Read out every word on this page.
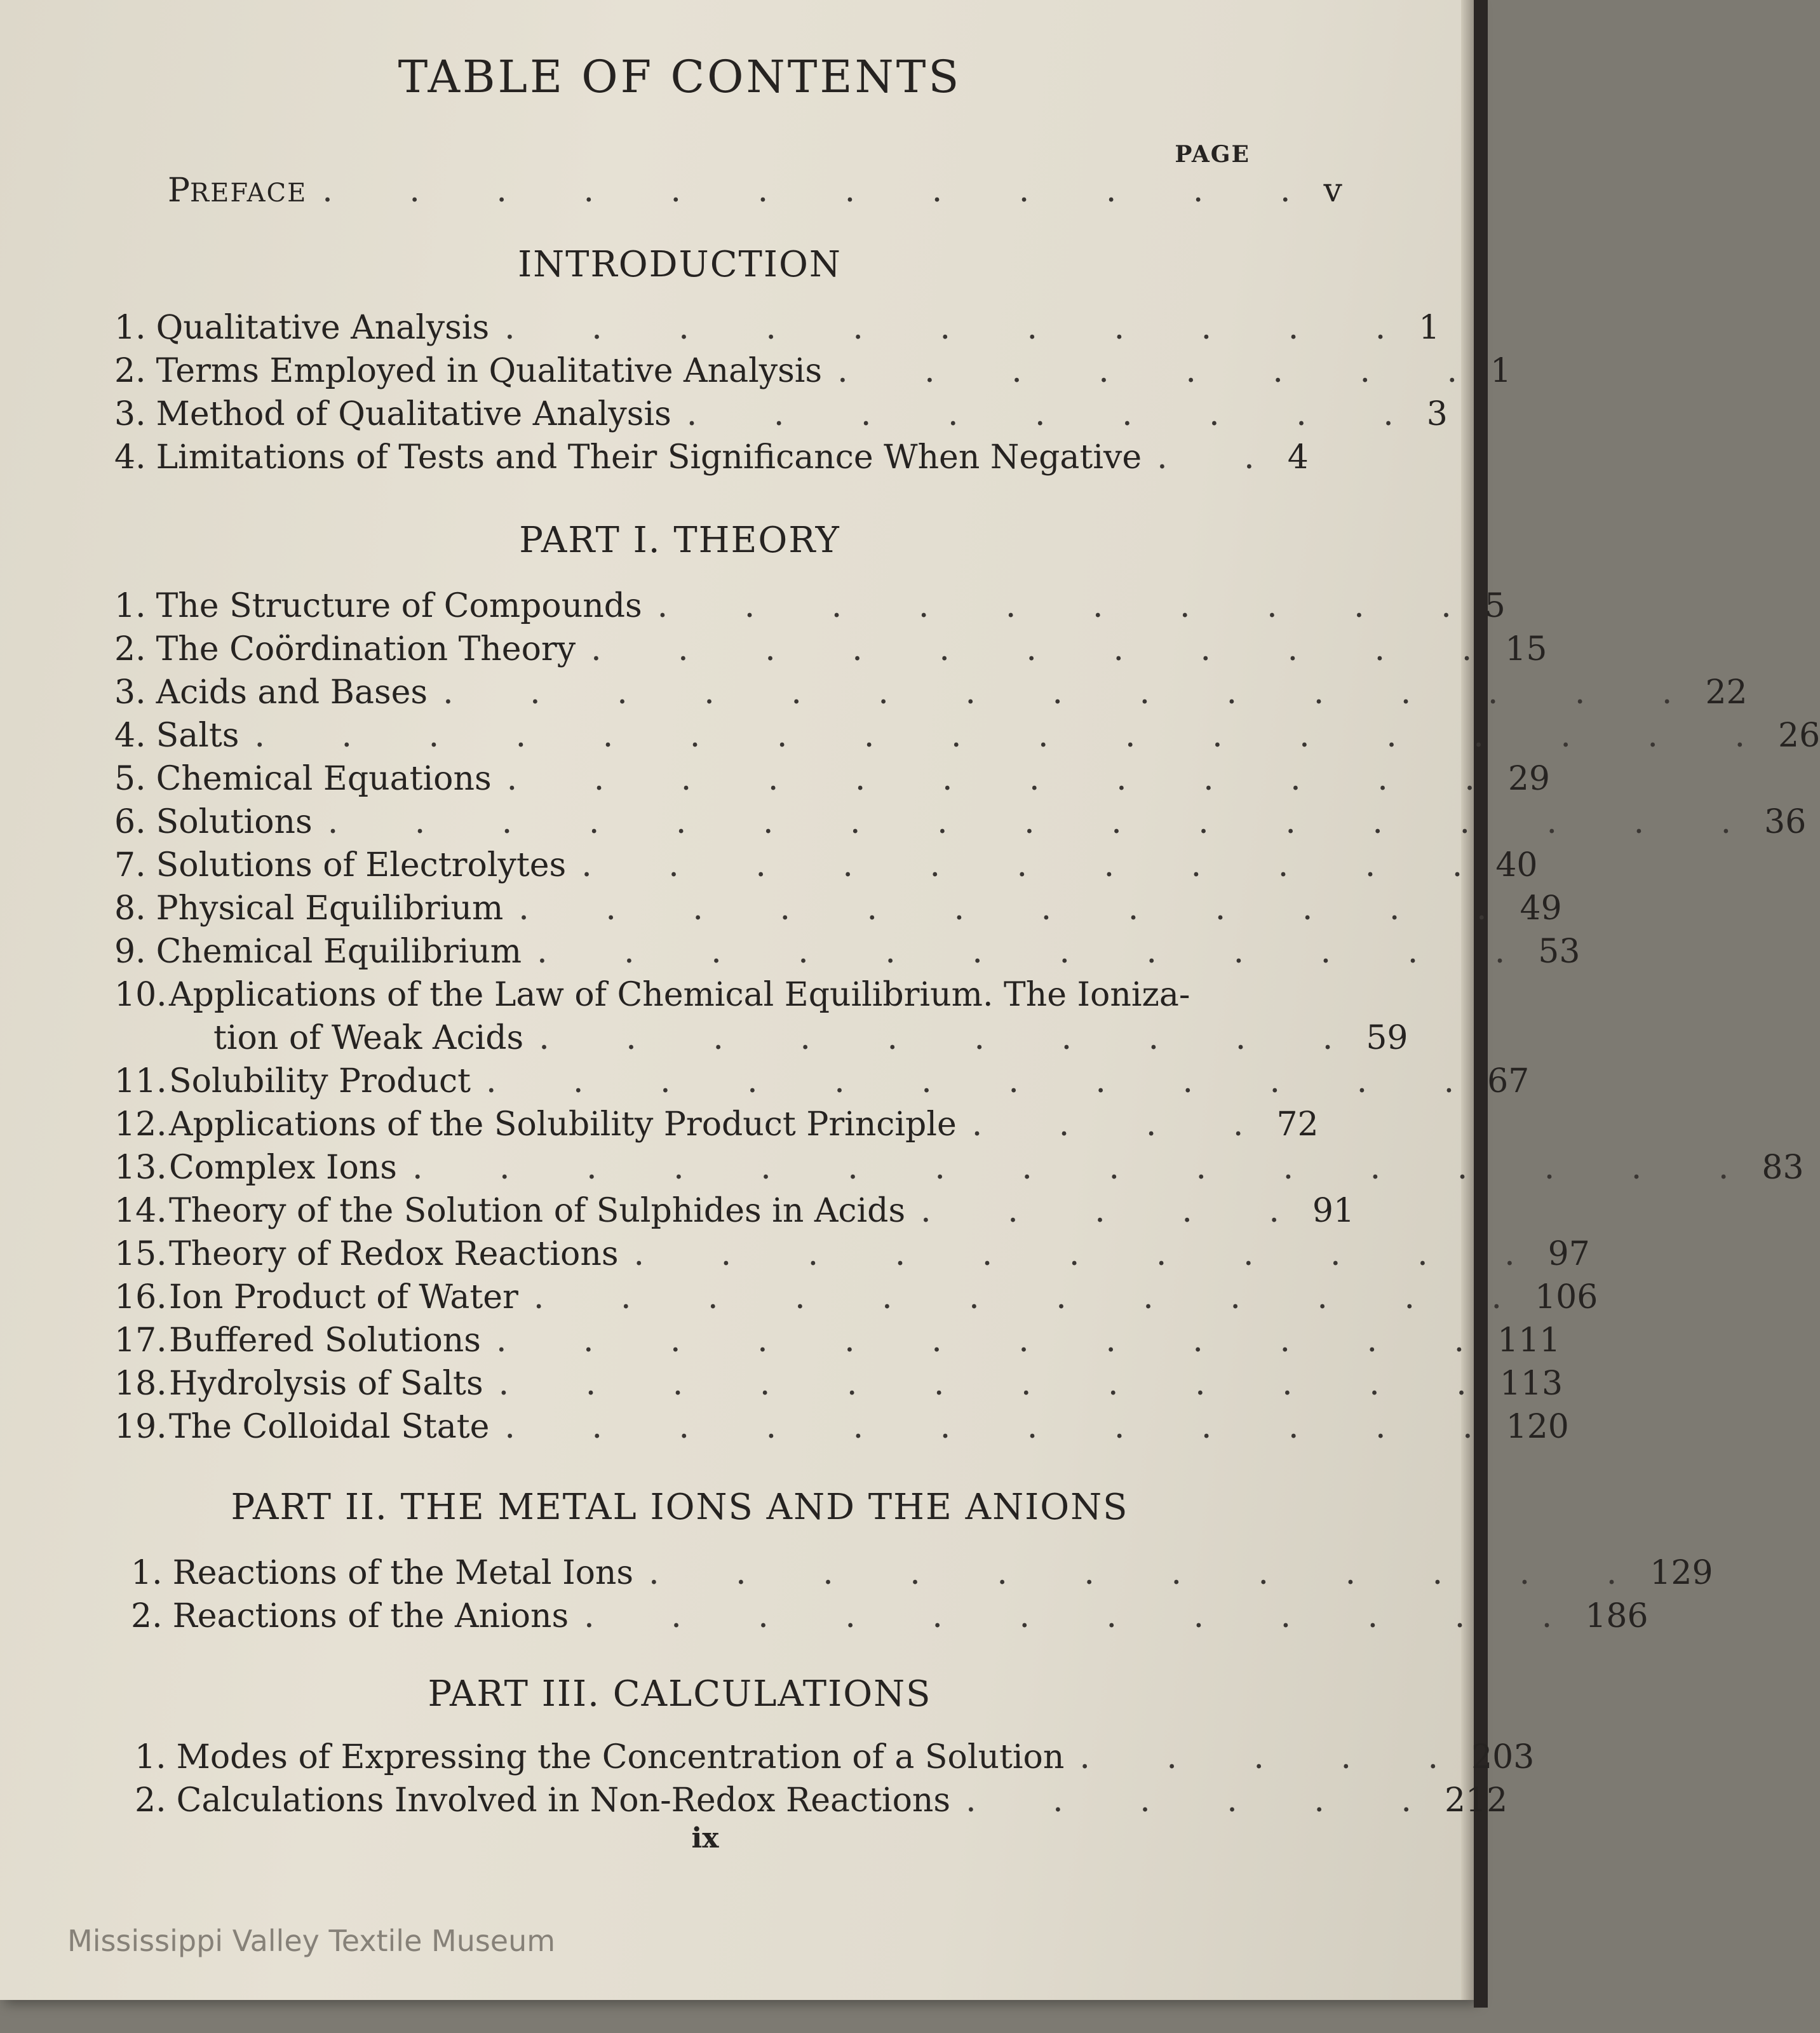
TABLE OF CONTENTS
PAGE
PREFACE . . . . . . . . . . . . v
INTRODUCTION
1. Qualitative Analysis . . . . . . . . . . . 1
2. Terms Employed in Qualitative Analysis . . . . . . . . 1
3. Method of Qualitative Analysis . . . . . . . . . 3
4. Limitations of Tests and Their Significance When Negative . . 4
PART I. THEORY
1. The Structure of Compounds . . . . . . . . . . 5
2. The Coördination Theory . . . . . . . . . . . 15
3. Acids and Bases . . . . . . . . . . . . . . . 22
4. Salts . . . . . . . . . . . . . . . . . . 26
5. Chemical Equations . . . . . . . . . . . . 29
6. Solutions . . . . . . . . . . . . . . . . . 36
7. Solutions of Electrolytes . . . . . . . . . . . 40
8. Physical Equilibrium . . . . . . . . . . . . 49
9. Chemical Equilibrium . . . . . . . . . . . . 53
10. Applications of the Law of Chemical Equilibrium. The Ioniza-
tion of Weak Acids . . . . . . . . . . 59
11. Solubility Product . . . . . . . . . . . . 67
12. Applications of the Solubility Product Principle . . . . 72
13. Complex Ions . . . . . . . . . . . . . . . . 83
14. Theory of the Solution of Sulphides in Acids . . . . . 91
15. Theory of Redox Reactions . . . . . . . . . . . 97
16. Ion Product of Water . . . . . . . . . . . . 106
17. Buffered Solutions . . . . . . . . . . . . 111
18. Hydrolysis of Salts . . . . . . . . . . . . 113
19. The Colloidal State . . . . . . . . . . . . 120
PART II. THE METAL IONS AND THE ANIONS
1. Reactions of the Metal Ions . . . . . . . . . . . . 129
2. Reactions of the Anions . . . . . . . . . . . . 186
PART III. CALCULATIONS
1. Modes of Expressing the Concentration of a Solution . . . . . 203
2. Calculations Involved in Non-Redox Reactions . . . . . . 212
ix
Mississippi Valley Textile Museum
